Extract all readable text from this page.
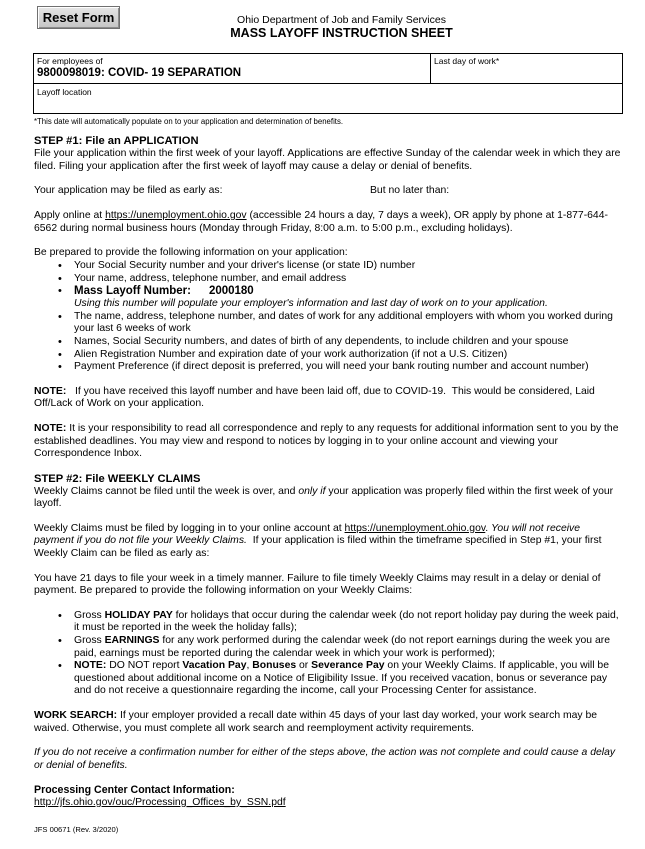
Reset Form	Ohio Department of Job and Family Services
MASS LAYOFF INSTRUCTION SHEET
For employees of
9800098019: COVID- 19 SEPARATION
Last day of work*
Layoff location
*This date will automatically populate on to your application and determination of benefits.
STEP #1: File an APPLICATION

File your application within the first week of your layoff. Applications are effective Sunday of the calendar week in which they are filed. Filing your application after the first week of layoff may cause a delay or denial of benefits.

Your application may be filed as early as:	But no later than:

Apply online at https://unemployment.ohio.gov (accessible 24 hours a day, 7 days a week), OR apply by phone at 1-877-644-6562 during normal business hours (Monday through Friday, 8:00 a.m. to 5:00 p.m., excluding holidays).

Be prepared to provide the following information on your application:

• Your Social Security number and your driver's license (or state ID) number
• Your name, address, telephone number, and email address
• Mass Layoff Number: 2000180
Using this number will populate your employer's information and last day of work on to your application.
• The name, address, telephone number, and dates of work for any additional employers with whom you worked during your last 6 weeks of work
• Names, Social Security numbers, and dates of birth of any dependents, to include children and your spouse
• Alien Registration Number and expiration date of your work authorization (if not a U.S. Citizen)
• Payment Preference (if direct deposit is preferred, you will need your bank routing number and account number)

NOTE:   If you have received this layoff number and have been laid off, due to COVID-19.  This would be considered, Laid Off/Lack of Work on your application.

NOTE: It is your responsibility to read all correspondence and reply to any requests for additional information sent to you by the established deadlines. You may view and respond to notices by logging in to your online account and viewing your Correspondence Inbox.

STEP #2: File WEEKLY CLAIMS

Weekly Claims cannot be filed until the week is over, and only if your application was properly filed within the first week of your layoff.

Weekly Claims must be filed by logging in to your online account at https://unemployment.ohio.gov. You will not receive payment if you do not file your Weekly Claims.  If your application is filed within the timeframe specified in Step #1, your first Weekly Claim can be filed as early as:

You have 21 days to file your week in a timely manner. Failure to file timely Weekly Claims may result in a delay or denial of payment. Be prepared to provide the following information on your Weekly Claims:

• Gross HOLIDAY PAY for holidays that occur during the calendar week (do not report holiday pay during the week paid, it must be reported in the week the holiday falls);
• Gross EARNINGS for any work performed during the calendar week (do not report earnings during the week you are paid, earnings must be reported during the calendar week in which your work is performed);
• NOTE: DO NOT report Vacation Pay, Bonuses or Severance Pay on your Weekly Claims. If applicable, you will be questioned about additional income on a Notice of Eligibility Issue. If you received vacation, bonus or severance pay and do not receive a questionnaire regarding the income, call your Processing Center for assistance.

WORK SEARCH: If your employer provided a recall date within 45 days of your last day worked, your work search may be waived. Otherwise, you must complete all work search and reemployment activity requirements.

If you do not receive a confirmation number for either of the steps above, the action was not complete and could cause a delay or denial of benefits.

Processing Center Contact Information:
http://jfs.ohio.gov/ouc/Processing_Offices_by_SSN.pdf
JFS 00671 (Rev. 3/2020)
